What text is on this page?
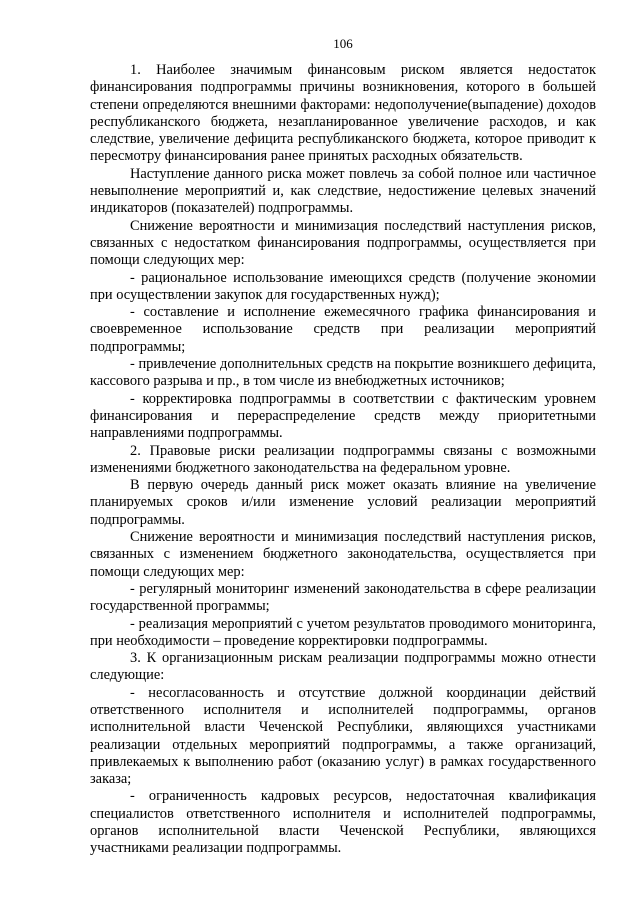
106

1. Наиболее значимым финансовым риском является недостаток финансирования подпрограммы причины возникновения, которого в большей степени определяются внешними факторами: недополучение(выпадение) доходов республиканского бюджета, незапланированное увеличение расходов, и как следствие, увеличение дефицита республиканского бюджета, которое приводит к пересмотру финансирования ранее принятых расходных обязательств.

Наступление данного риска может повлечь за собой полное или частичное невыполнение мероприятий и, как следствие, недостижение целевых значений индикаторов (показателей) подпрограммы.

Снижение вероятности и минимизация последствий наступления рисков, связанных с недостатком финансирования подпрограммы, осуществляется при помощи следующих мер:

- рациональное использование имеющихся средств (получение экономии при осуществлении закупок для государственных нужд);

- составление и исполнение ежемесячного графика финансирования и своевременное использование средств при реализации мероприятий подпрограммы;

- привлечение дополнительных средств на покрытие возникшего дефицита, кассового разрыва и пр., в том числе из внебюджетных источников;

- корректировка подпрограммы в соответствии с фактическим уровнем финансирования и перераспределение средств между приоритетными направлениями подпрограммы.

2. Правовые риски реализации подпрограммы связаны с возможными изменениями бюджетного законодательства на федеральном уровне.

В первую очередь данный риск может оказать влияние на увеличение планируемых сроков и/или изменение условий реализации мероприятий подпрограммы.

Снижение вероятности и минимизация последствий наступления рисков, связанных с изменением бюджетного законодательства, осуществляется при помощи следующих мер:

- регулярный мониторинг изменений законодательства в сфере реализации государственной программы;

- реализация мероприятий с учетом результатов проводимого мониторинга, при необходимости – проведение корректировки подпрограммы.

3. К организационным рискам реализации подпрограммы можно отнести следующие:

- несогласованность и отсутствие должной координации действий ответственного исполнителя и исполнителей подпрограммы, органов исполнительной власти Чеченской Республики, являющихся участниками реализации отдельных мероприятий подпрограммы, а также организаций, привлекаемых к выполнению работ (оказанию услуг) в рамках государственного заказа;

- ограниченность кадровых ресурсов, недостаточная квалификация специалистов ответственного исполнителя и исполнителей подпрограммы, органов исполнительной власти Чеченской Республики, являющихся участниками реализации подпрограммы.
